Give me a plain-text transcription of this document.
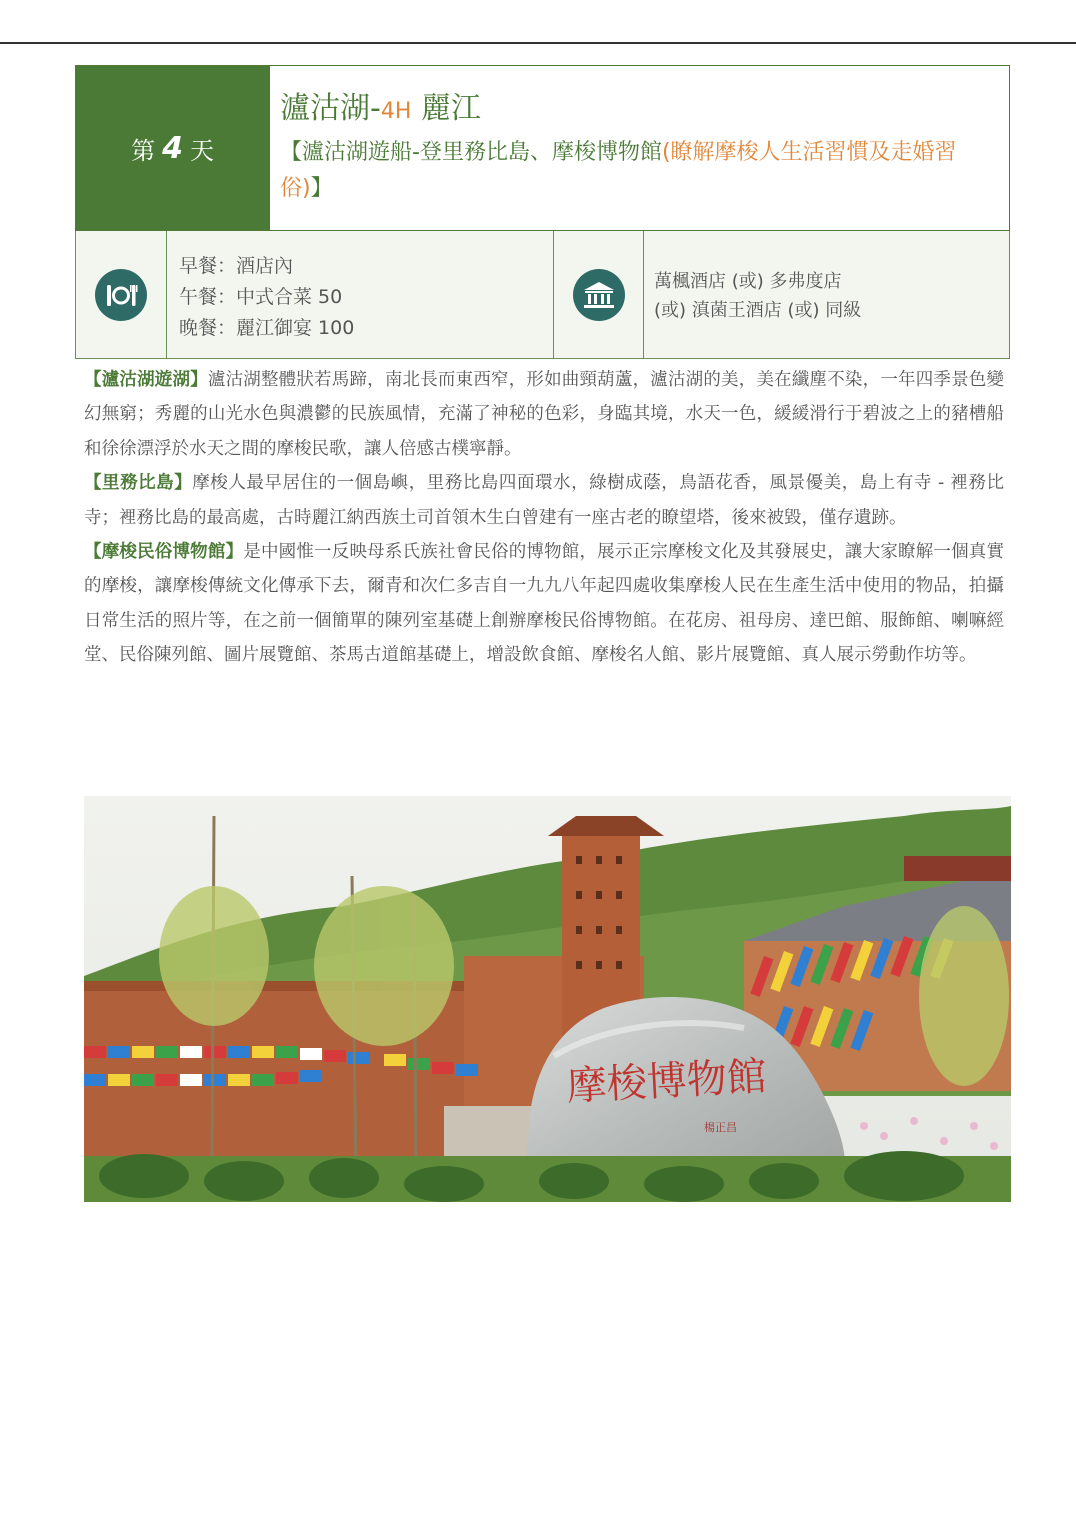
第 4 天
瀘沽湖-4H 麗江
【瀘沽湖遊船-登里務比島、摩梭博物館(瞭解摩梭人生活習慣及走婚習俗)】
早餐：酒店內
午餐：中式合菜 50
晚餐：麗江御宴 100
萬楓酒店 (或) 多弗度店
(或) 滇菌王酒店 (或) 同級

【瀘沽湖遊湖】瀘沽湖整體狀若馬蹄，南北長而東西窄，形如曲頸葫蘆，瀘沽湖的美，美在纖塵不染，一年四季景色變幻無窮；秀麗的山光水色與濃鬱的民族風情，充滿了神秘的色彩，身臨其境，水天一色，緩緩滑行于碧波之上的豬槽船和徐徐漂浮於水天之間的摩梭民歌，讓人倍感古樸寧靜。

【里務比島】摩梭人最早居住的一個島嶼，里務比島四面環水，綠樹成蔭，鳥語花香，風景優美，島上有寺 - 裡務比寺；裡務比島的最高處，古時麗江納西族土司首領木生白曾建有一座古老的瞭望塔，後來被毀，僅存遺跡。

【摩梭民俗博物館】是中國惟一反映母系氏族社會民俗的博物館，展示正宗摩梭文化及其發展史，讓大家瞭解一個真實的摩梭，讓摩梭傳統文化傳承下去，爾青和次仁多吉自一九九八年起四處收集摩梭人民在生產生活中使用的物品，拍攝日常生活的照片等，在之前一個簡單的陳列室基礎上創辦摩梭民俗博物館。在花房、祖母房、達巴館、服飾館、喇嘛經堂、民俗陳列館、圖片展覽館、茶馬古道館基礎上，增設飲食館、摩梭名人館、影片展覽館、真人展示勞動作坊等。

摩梭博物館
楊正昌
